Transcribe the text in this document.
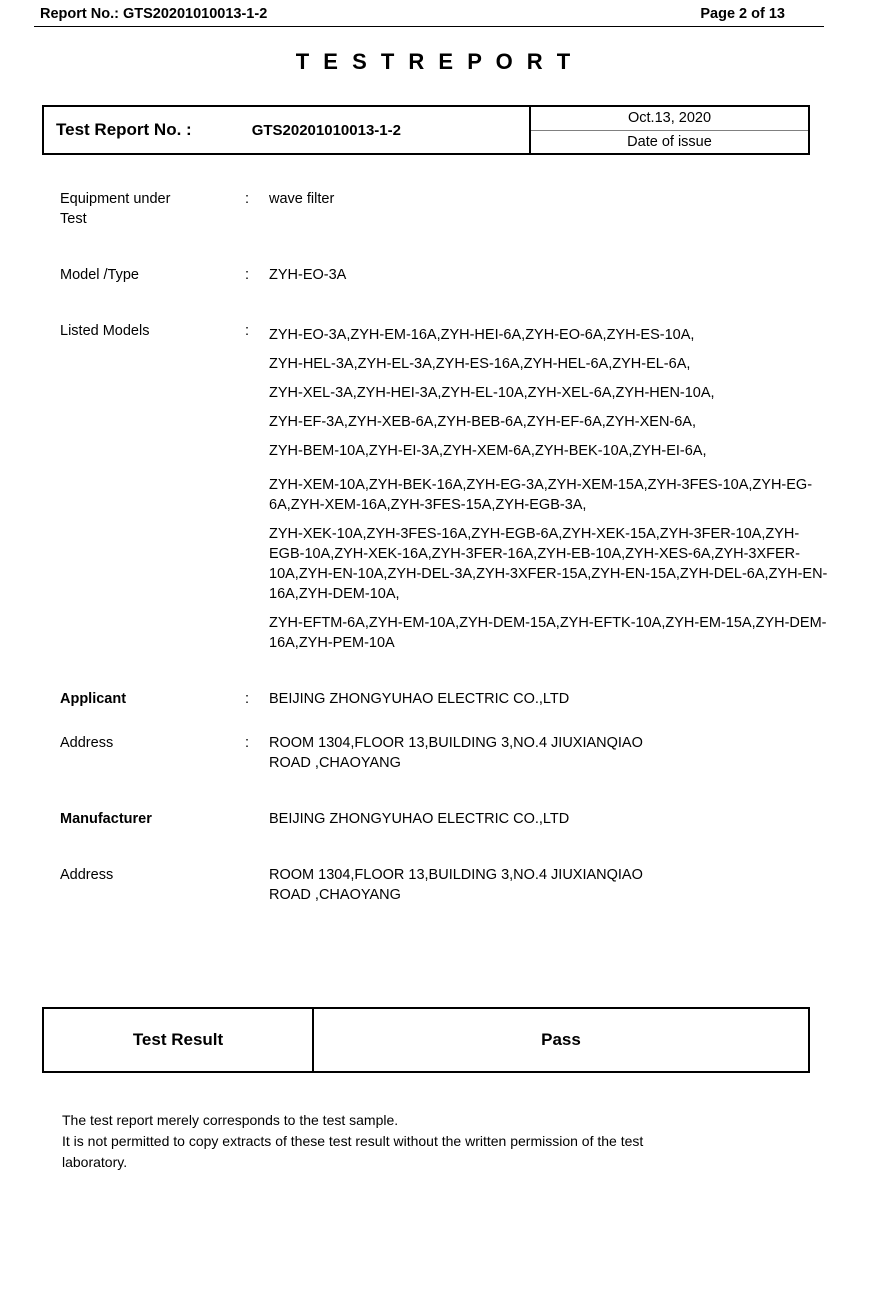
Report No.: GTS20201010013-1-2	Page 2 of 13
T E S T R E P O R T
Test Report No. :	GTS20201010013-1-2
Oct.13, 2020
Date of issue
Equipment under
Test
:	wave filter
Model /Type	:	ZYH-EO-3A
Listed Models	:	ZYH-EO-3A,ZYH-EM-16A,ZYH-HEI-6A,ZYH-EO-6A,ZYH-ES-10A,
ZYH-HEL-3A,ZYH-EL-3A,ZYH-ES-16A,ZYH-HEL-6A,ZYH-EL-6A,
ZYH-XEL-3A,ZYH-HEI-3A,ZYH-EL-10A,ZYH-XEL-6A,ZYH-HEN-10A,
ZYH-EF-3A,ZYH-XEB-6A,ZYH-BEB-6A,ZYH-EF-6A,ZYH-XEN-6A,
ZYH-BEM-10A,ZYH-EI-3A,ZYH-XEM-6A,ZYH-BEK-10A,ZYH-EI-6A,
ZYH-XEM-10A,ZYH-BEK-16A,ZYH-EG-3A,ZYH-XEM-15A,ZYH-3FES-10A,ZYH-EG-6A,ZYH-XEM-16A,ZYH-3FES-15A,ZYH-EGB-3A,
ZYH-XEK-10A,ZYH-3FES-16A,ZYH-EGB-6A,ZYH-XEK-15A,ZYH-3FER-10A,ZYH-EGB-10A,ZYH-XEK-16A,ZYH-3FER-16A,ZYH-EB-10A,ZYH-XES-6A,ZYH-3XFER-10A,ZYH-EN-10A,ZYH-DEL-3A,ZYH-3XFER-15A,ZYH-EN-15A,ZYH-DEL-6A,ZYH-EN-16A,ZYH-DEM-10A,
ZYH-EFTM-6A,ZYH-EM-10A,ZYH-DEM-15A,ZYH-EFTK-10A,ZYH-EM-15A,ZYH-DEM-16A,ZYH-PEM-10A
Applicant	:	BEIJING ZHONGYUHAO ELECTRIC CO.,LTD
Address	:	ROOM 1304,FLOOR 13,BUILDING 3,NO.4 JIUXIANQIAO
ROAD ,CHAOYANG
Manufacturer	BEIJING ZHONGYUHAO ELECTRIC CO.,LTD
Address	ROOM 1304,FLOOR 13,BUILDING 3,NO.4 JIUXIANQIAO
ROAD ,CHAOYANG
Test Result	Pass
The test report merely corresponds to the test sample.
It is not permitted to copy extracts of these test result without the written permission of the test
laboratory.
